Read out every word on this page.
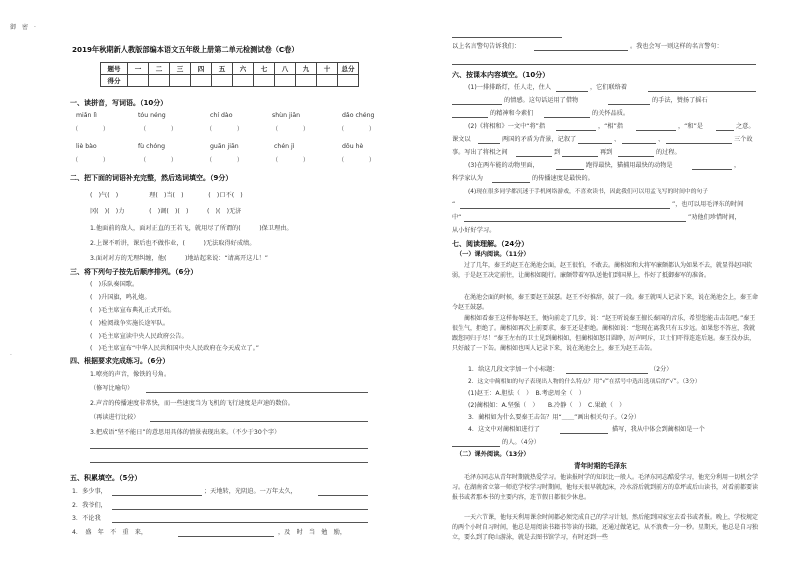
御 密 ·
·
2019年秋期新人教版部编本语文五年级上册第二单元检测试卷（C卷）
题号	一	二	三	四	五	六	七	八	九	十	总分
得分											
一、读拼音，写词语。（10分）
miǎn lì	tóu néng	chí dào	shùn jiān	dǎo chéng
（　　　　）	（　　　　）	（　　　　）	（　　　　）	（　　　　）
liè bào	fù chóng	guān jiān	chén jì	dōu hè
（　　　　）	（　　　　）	（　　　　）	（　　　　）	（　　　　）
二、把下面的词语补充完整，然后选词填空。（9分）
(　)气(　)　　　　　理(　)当(　)　　　　(　)口不(　)
冈(　)(　)力　　　　(　)调(　)(　)　　　(　)(　)无济
1.他面前的敌人，面对正直的王若飞，就用尽了所谓的(　　　)保卫理由。
2.上课不听讲，课后也不做作业，(　　　)无法取得好成绩。
3.面对对方的无理纠缠，他(　　　)地站起来说：“请离开这儿！”
三、将下列句子按先后顺序排列。（6分）
(　)乐队奏国歌。
(　)升国旗，鸣礼炮。
(　)毛主席宣布典礼正式开始。
(　)检阅战争实施长途军队。
(　)毛主席宣读中央人民政府公告。
(　)毛主席宣布“中华人民共和国中央人民政府在今天成立了。”
四、根据要求完成练习。（6分）
1.嘹亮的声音，像铁的号角。
（修写比喻句）
2.声音的传播速度非常快，而一些速度当为飞机的飞行速度是声速的数倍。
（再读进行比较）
3.把成语“坚不能日”的意思用具体的情景表现出来。（不少于30个字）
五、积累填空。（5分）
1．多少事，	；天地转，光阴迫。一万年太久，
2．我爷们，
3．不论我
4．　盛　年　不　重　来，	，及　时　当　勉　励，
以上名言警句告诉我们：	。我也会写一则这样的名言警句：
六、按课本内容填空。（10分）
(1)一排排路灯，任人走，住人	，它们联络着
的情感。这句话运用了借物	的手法，赞扬了摇石
的精神和今素们	的关怀品质。
(2)《将相和》一文中“将”指	，“相”指	，“和”是	之意。
课文以	两国的矛盾为背景，记叙了	、	、	三个故
事。写出了将相之间	到	再到	的过程。
(3)在两车能的动物里面，	跑得最快，猫捕用最快的动物是	，
科学家认为	的传播速度是最快的。
(4)现在很多同学都沉迷于手机网络游戏，不喜欢读书，因此我们可以用孟飞写的时间中的句子
“	”，也可以用毛泽东的时间
中“	”劝他们珍惜时间，
从小好好学习。
七、阅读理解。（24分）
（一）课内阅读。（11分）
　　过了几年，秦王约赵王在渑池会面，赵王很怕，不敢去。蔺相如和大将军廉颇都认为如果不去，就显得赵国软弱，于是赵王决定前往，让蔺相如随行。廉颇带着军队送他们到国界上，作好了抵御秦军的准备。
　　在渑池会面的时候，秦王要赵王鼓瑟。赵王不好推辞，鼓了一段。秦王就叫人记录下来，说在渑池会上，秦王命令赵王鼓瑟。
　　蔺相如看秦王这样侮辱赵王，便向前走了几步，说：“赵王听说秦王擅长秦国的音乐，希望您能击击缶吧。”秦王很生气，拒绝了。蔺相如再次上前要求，秦王还是拒绝。蔺相如说：“您现在离我只有五步远。如果您不答应，我就跟您同归于尽！”秦王左右的卫士见到蔺相如，但蔺相如怒目圆睁，厉声呵斥，卫士们吓得连连后退。秦王没办法，只好敲了一下缶。蔺相如也叫人记录下来，说在渑池会上，秦王为赵王击缶。
1．给这几段文字加一个小标题：	（2分）
2．这文中蔺相如的句子表现出人物的什么特点？用“√”在括号中选出选项后的“√”。（3分）
(1)赵王：A.胆怯（　）　B.考虑周全（　）
(2)蔺相如：A.坚强（　）　　B.冷静（　）　C.果敢（　）
3．蔺相如为什么要秦王击缶？用“＿＿”画出相关句子。（2分）
4．这文中对蔺相如进行了	描写，我从中体会到蔺相如是一个
的人。（4分）
（二）课外阅读。（13分）
青年时期的毛泽东
　　毛泽东同志从青年时期就热爱学习。他读报时学的知识比一般人。毛泽东同志酷爱学习，他充分利用一切机会学习。在湖南省立第一师范学校学习时期间，他每天很早就起床，冷水浴后就到前方的草坪或后山读书，对看前都要读报书或者那本书的主要内容，连节假日都很少休息。
　　一天六节课，他每天利用课余时间都必须完成自己的学习计划，然后能到国家室去看书或者报。晚上，学校规定的两个小时自习时间，他总是用阅读书籍书等读的书籍，还通过做笔记，从不浪费一分一秒。星期天，他总是自习独立，要么到了爬山游泳，就是去图书馆学习，有时还到一些
